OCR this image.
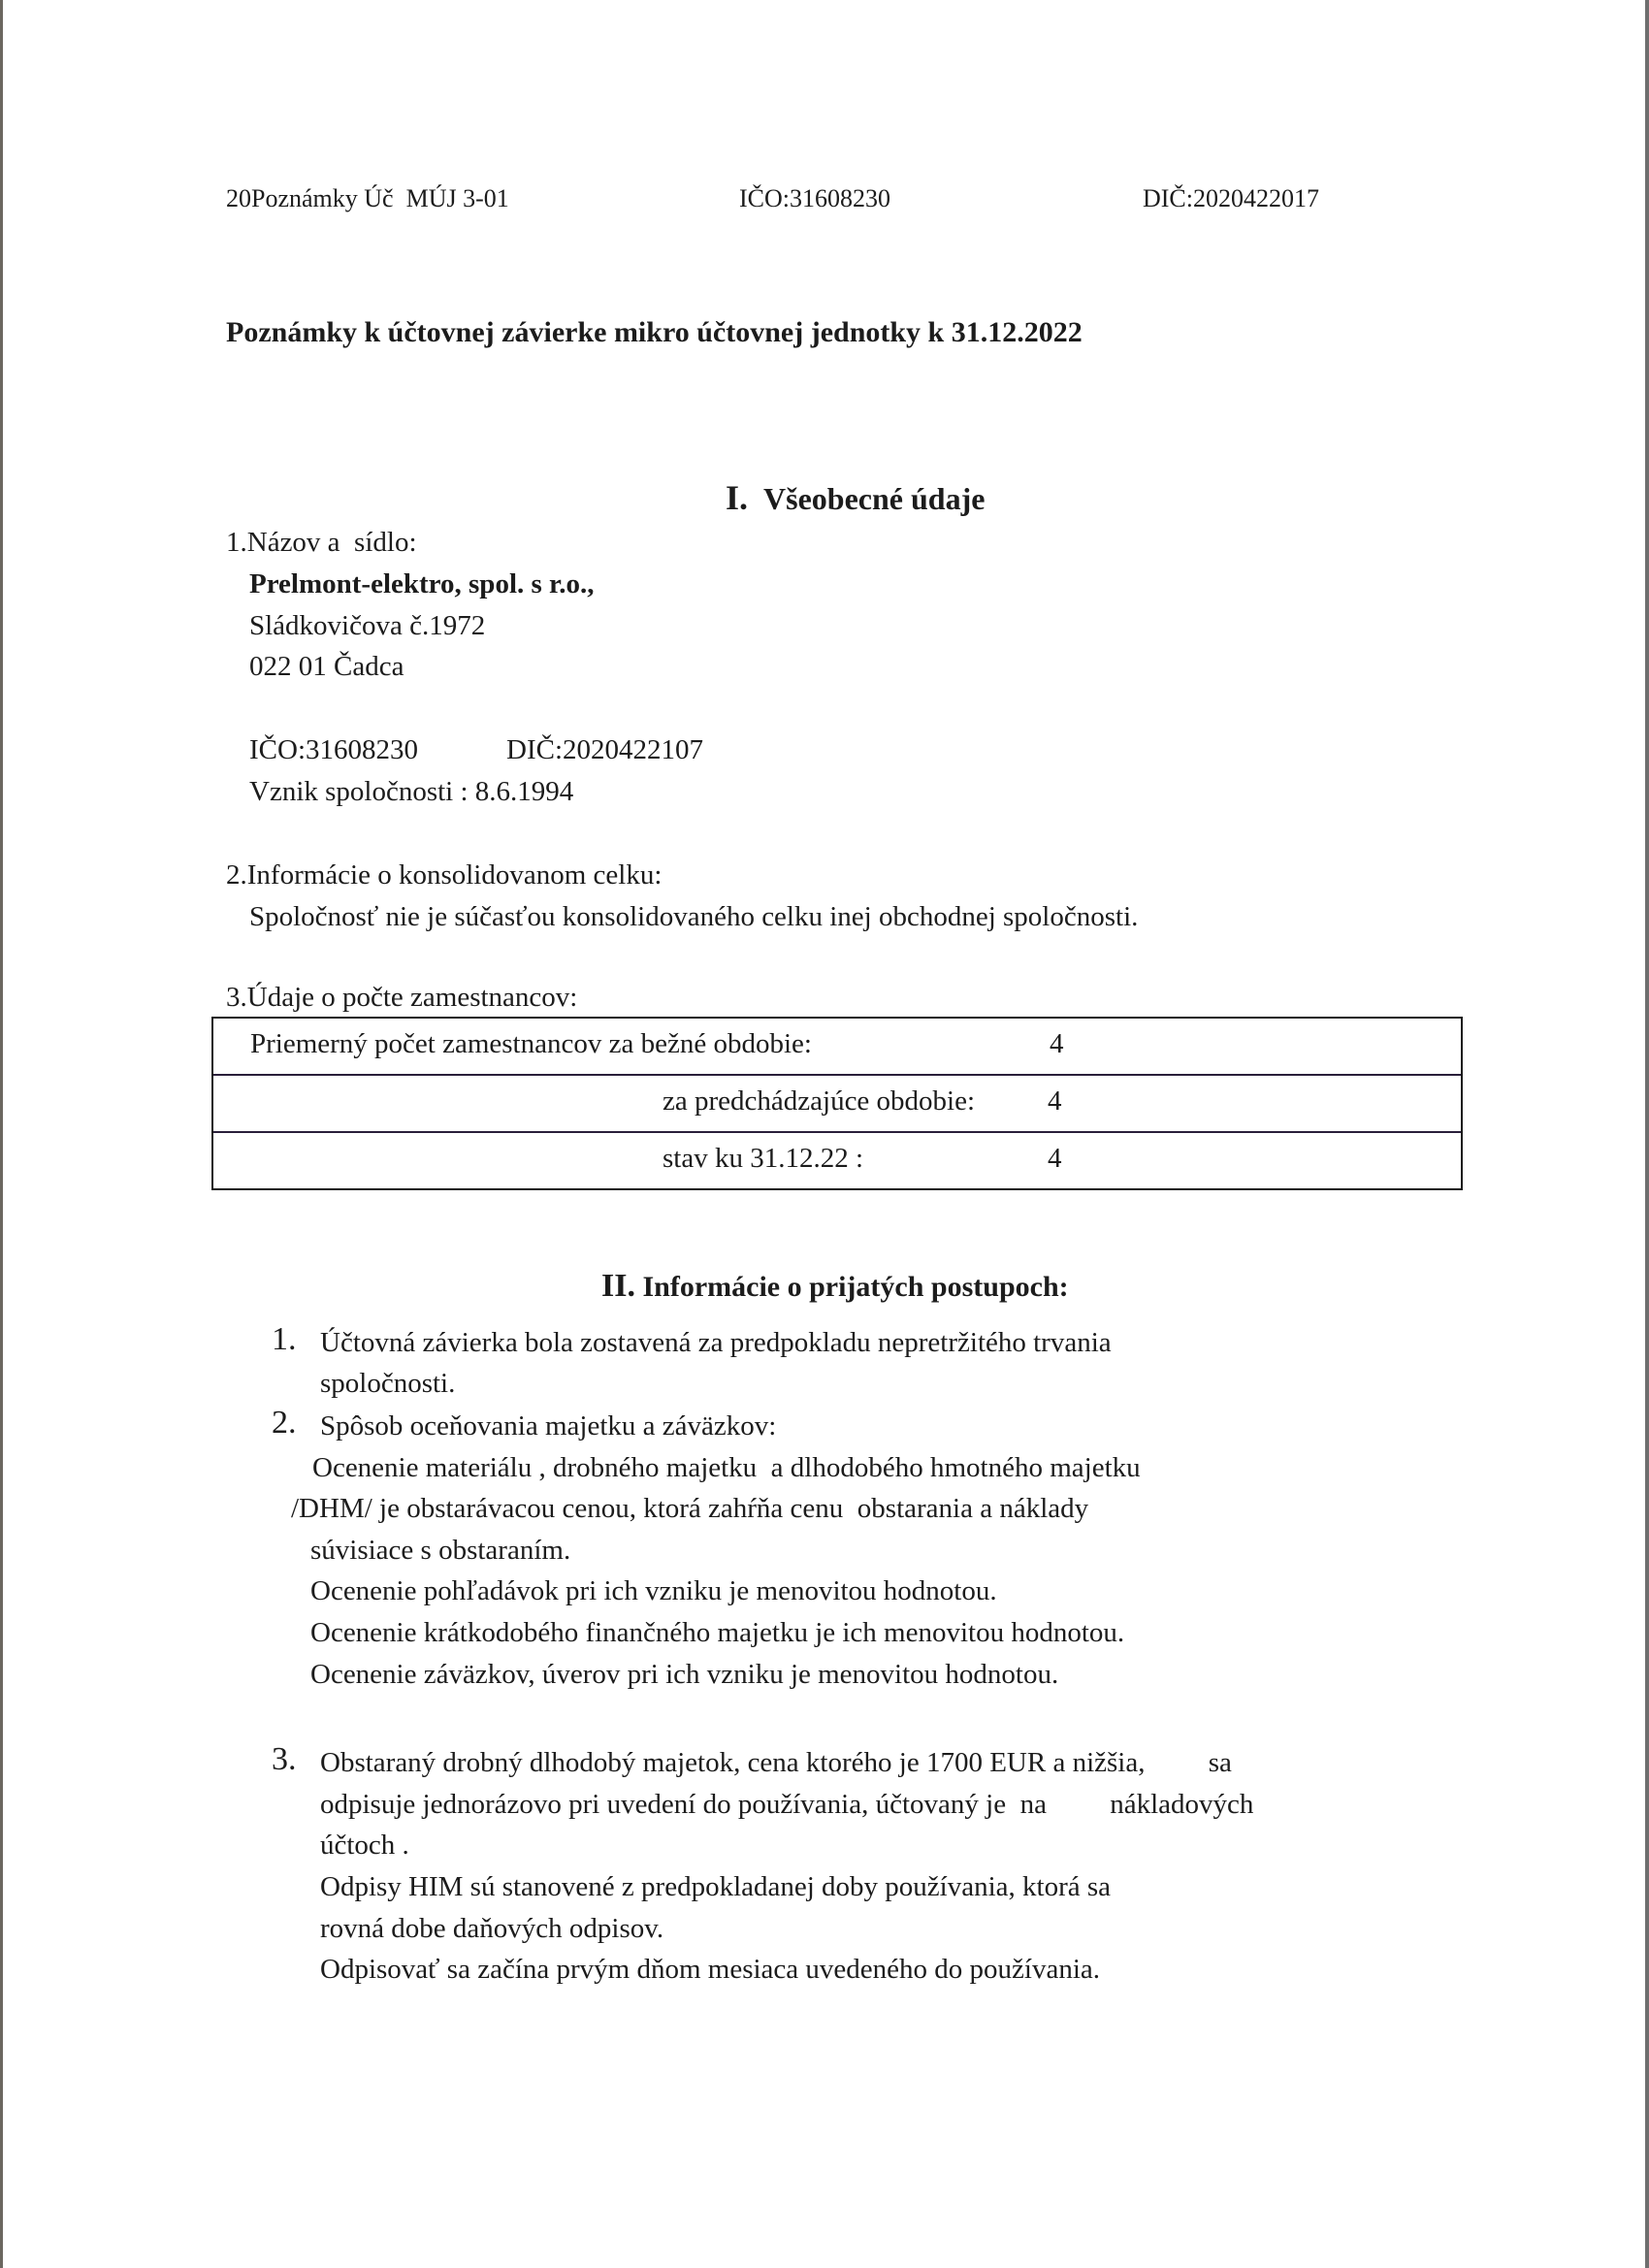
20Poznámky Úč  MÚJ 3-01	IČO:31608230	DIČ:2020422017
Poznámky k účtovnej závierke mikro účtovnej jednotky k 31.12.2022

I. Všeobecné údaje

1.Názov a  sídlo:
Prelmont-elektro, spol. s r.o.,
Sládkovičova č.1972
022 01 Čadca
IČO:31608230	DIČ:2020422107
Vznik spoločnosti : 8.6.1994
2.Informácie o konsolidovanom celku:
Spoločnosť nie je súčasťou konsolidovaného celku inej obchodnej spoločnosti.
3.Údaje o počte zamestnancov:
Priemerný počet zamestnancov za bežné obdobie:	4
za predchádzajúce obdobie:	4
stav ku 31.12.22 :	4

II. Informácie o prijatých postupoch:

1. Účtovná závierka bola zostavená za predpokladu nepretržitého trvania
spoločnosti.
2. Spôsob oceňovania majetku a záväzkov:
Ocenenie materiálu , drobného majetku  a dlhodobého hmotného majetku
/DHM/ je obstarávacou cenou, ktorá zahŕňa cenu  obstarania a náklady
súvisiace s obstaraním.
Ocenenie pohľadávok pri ich vzniku je menovitou hodnotou.
Ocenenie krátkodobého finančného majetku je ich menovitou hodnotou.
Ocenenie záväzkov, úverov pri ich vzniku je menovitou hodnotou.
3. Obstaraný drobný dlhodobý majetok, cena ktorého je 1700 EUR a nižšia,         sa
odpisuje jednorázovo pri uvedení do používania, účtovaný je  na         nákladových
účtoch .
Odpisy HIM sú stanovené z predpokladanej doby používania, ktorá sa
rovná dobe daňových odpisov.
Odpisovať sa začína prvým dňom mesiaca uvedeného do používania.
